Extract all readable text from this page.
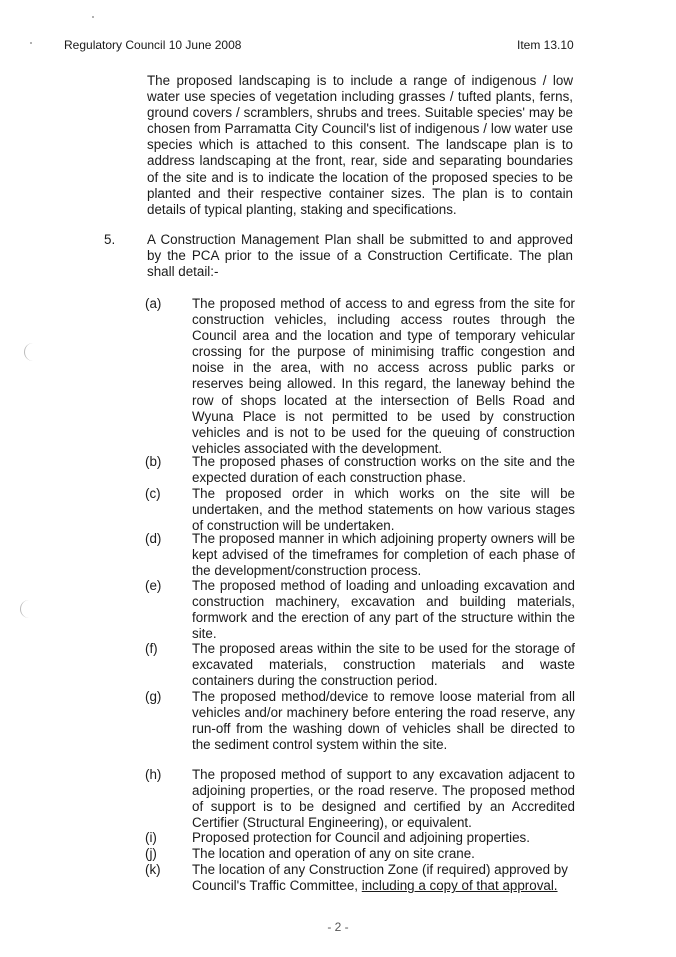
Regulatory Council 10 June 2008	Item 13.10

The proposed landscaping is to include a range of indigenous / low water use species of vegetation including grasses / tufted plants, ferns, ground covers / scramblers, shrubs and trees. Suitable species' may be chosen from Parramatta City Council's list of indigenous / low water use species which is attached to this consent. The landscape plan is to address landscaping at the front, rear, side and separating boundaries of the site and is to indicate the location of the proposed species to be planted and their respective container sizes. The plan is to contain details of typical planting, staking and specifications.

5. A Construction Management Plan shall be submitted to and approved by the PCA prior to the issue of a Construction Certificate. The plan shall detail:-

(a)	The proposed method of access to and egress from the site for construction vehicles, including access routes through the Council area and the location and type of temporary vehicular crossing for the purpose of minimising traffic congestion and noise in the area, with no access across public parks or reserves being allowed. In this regard, the laneway behind the row of shops located at the intersection of Bells Road and Wyuna Place is not permitted to be used by construction vehicles and is not to be used for the queuing of construction vehicles associated with the development.
(b)	The proposed phases of construction works on the site and the expected duration of each construction phase.
(c)	The proposed order in which works on the site will be undertaken, and the method statements on how various stages of construction will be undertaken.
(d)	The proposed manner in which adjoining property owners will be kept advised of the timeframes for completion of each phase of the development/construction process.
(e)	The proposed method of loading and unloading excavation and construction machinery, excavation and building materials, formwork and the erection of any part of the structure within the site.
(f)	The proposed areas within the site to be used for the storage of excavated materials, construction materials and waste containers during the construction period.
(g)	The proposed method/device to remove loose material from all vehicles and/or machinery before entering the road reserve, any run-off from the washing down of vehicles shall be directed to the sediment control system within the site.
(h)	The proposed method of support to any excavation adjacent to adjoining properties, or the road reserve. The proposed method of support is to be designed and certified by an Accredited Certifier (Structural Engineering), or equivalent.
(i)	Proposed protection for Council and adjoining properties.
(j)	The location and operation of any on site crane.
(k)	The location of any Construction Zone (if required) approved by Council's Traffic Committee, including a copy of that approval.
- 2 -
